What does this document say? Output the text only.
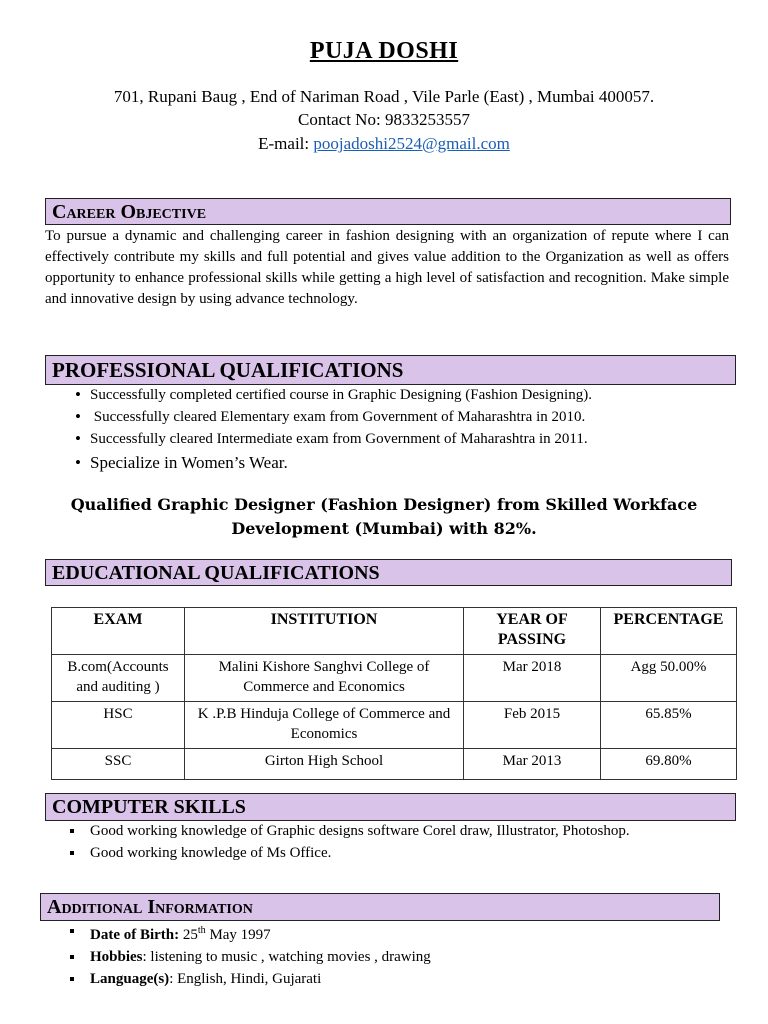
PUJA DOSHI
701, Rupani Baug , End of Nariman Road , Vile Parle (East) , Mumbai 400057.
Contact No: 9833253557
E-mail: poojadoshi2524@gmail.com
Career Objective

To pursue a dynamic and challenging career in fashion designing with an organization of repute where I can effectively contribute my skills and full potential and gives value addition to the Organization as well as offers opportunity to enhance professional skills while getting a high level of satisfaction and recognition. Make simple and innovative design by using advance technology.

PROFESSIONAL QUALIFICATIONS
•
Successfully completed certified course in Graphic Designing (Fashion Designing).
•
Successfully cleared Elementary exam from Government of Maharashtra in 2010.
•
Successfully cleared Intermediate exam from Government of Maharashtra in 2011.
•
Specialize in Women’s Wear.
Qualified Graphic Designer (Fashion Designer) from Skilled Workface
Development (Mumbai) with 82%.
EDUCATIONAL QUALIFICATIONS
EXAM	INSTITUTION	YEAR OF PASSING	PERCENTAGE
B.com(Accounts and auditing )	Malini Kishore Sanghvi College of Commerce and Economics	Mar 2018	Agg 50.00%
HSC	K .P.B Hinduja College of Commerce and Economics	Feb 2015	65.85%
SSC	Girton High School	Mar 2013	69.80%
COMPUTER SKILLS
Good working knowledge of Graphic designs software Corel draw, Illustrator, Photoshop.
Good working knowledge of Ms Office.
Additional Information
Date of Birth: 25th May 1997
Hobbies: listening to music , watching movies , drawing
Language(s): English, Hindi, Gujarati
